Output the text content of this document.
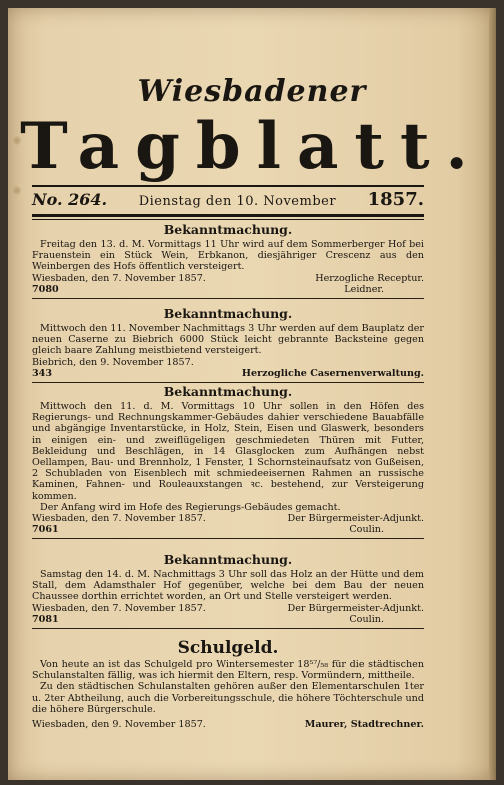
Wiesbadener
Tagblatt.
No. 264. Dienstag den 10. November 1857.
Bekanntmachung.

Freitag den 13. d. M. Vormittags 11 Uhr wird auf dem Sommerberger Hof bei Frauenstein ein Stück Wein, Erbkanon, diesjähriger Crescenz aus den Weinbergen des Hofs öffentlich versteigert.

Wiesbaden, den 7. November 1857.
7080
Herzogliche Receptur.
Leidner.
Bekanntmachung.

Mittwoch den 11. November Nachmittags 3 Uhr werden auf dem Bauplatz der neuen Caserne zu Biebrich 6000 Stück leicht gebrannte Backsteine gegen gleich baare Zahlung meistbietend versteigert.

Biebrich, den 9. November 1857.
343	Herzogliche Casernenverwaltung.
Bekanntmachung.

Mittwoch den 11. d. M. Vormittags 10 Uhr sollen in den Höfen des Regierungs- und Rechnungskammer-Gebäudes dahier verschiedene Bauabfälle und abgängige Inventarstücke, in Holz, Stein, Eisen und Glaswerk, besonders in einigen ein- und zweiflügeligen geschmiedeten Thüren mit Futter, Bekleidung und Beschlägen, in 14 Glasglocken zum Aufhängen nebst Oellampen, Bau- und Brennholz, 1 Fenster, 1 Schornsteinaufsatz von Gußeisen, 2 Schubladen von Eisenblech mit schmiedeeisernen Rahmen an russische Kaminen, Fahnen- und Rouleauxstangen ꝛc. bestehend, zur Versteigerung kommen.

Der Anfang wird im Hofe des Regierungs-Gebäudes gemacht.

Wiesbaden, den 7. November 1857.
7061
Der Bürgermeister-Adjunkt.
Coulin.
Bekanntmachung.

Samstag den 14. d. M. Nachmittags 3 Uhr soll das Holz an der Hütte und dem Stall, dem Adamsthaler Hof gegenüber, welche bei dem Bau der neuen Chaussee dorthin errichtet worden, an Ort und Stelle versteigert werden.

Wiesbaden, den 7. November 1857.
7081
Der Bürgermeister-Adjunkt.
Coulin.
Schulgeld.

Von heute an ist das Schulgeld pro Wintersemester 18⁵⁷/₅₈ für die städtischen Schulanstalten fällig, was ich hiermit den Eltern, resp. Vormündern, mittheile.

Zu den städtischen Schulanstalten gehören außer den Elementarschulen 1ter u. 2ter Abtheilung, auch die Vorbereitungsschule, die höhere Töchterschule und die höhere Bürgerschule.

Wiesbaden, den 9. November 1857.	Maurer, Stadtrechner.
